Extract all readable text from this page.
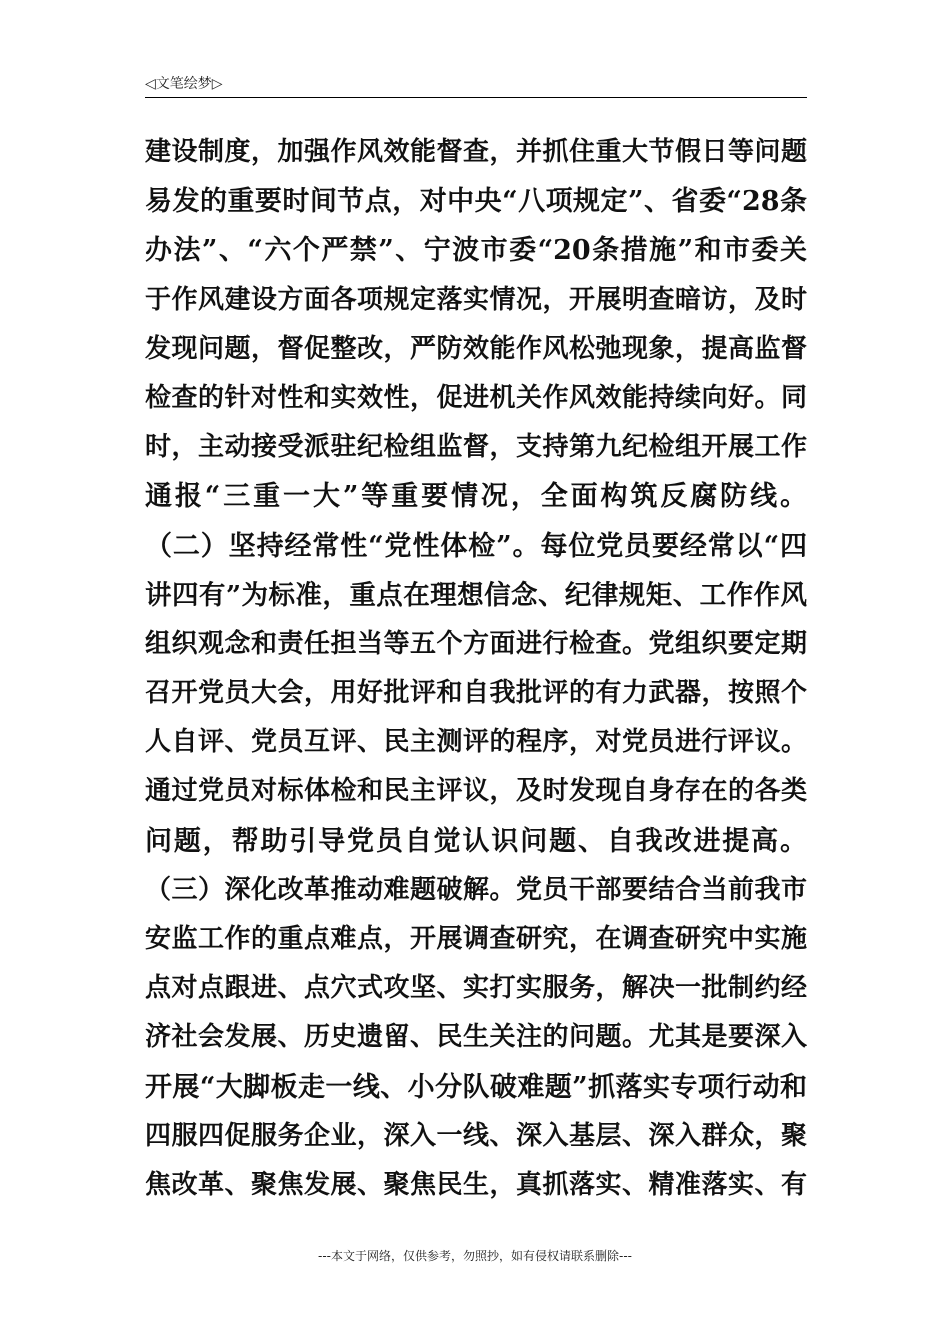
◁文笔绘梦▷
建设制度，加强作风效能督查，并抓住重大节假日等问题
易发的重要时间节点，对中央“八项规定”、省委“28条
办法”、“六个严禁”、宁波市委“20条措施”和市委关
于作风建设方面各项规定落实情况，开展明查暗访，及时
发现问题，督促整改，严防效能作风松弛现象，提高监督
检查的针对性和实效性，促进机关作风效能持续向好。同
时，主动接受派驻纪检组监督，支持第九纪检组开展工作
通报“三重一大”等重要情况，全面构筑反腐防线。
（二）坚持经常性“党性体检”。每位党员要经常以“四
讲四有”为标准，重点在理想信念、纪律规矩、工作作风
组织观念和责任担当等五个方面进行检查。党组织要定期
召开党员大会，用好批评和自我批评的有力武器，按照个
人自评、党员互评、民主测评的程序，对党员进行评议。
通过党员对标体检和民主评议，及时发现自身存在的各类
问题，帮助引导党员自觉认识问题、自我改进提高。
（三）深化改革推动难题破解。党员干部要结合当前我市
安监工作的重点难点，开展调查研究，在调查研究中实施
点对点跟进、点穴式攻坚、实打实服务，解决一批制约经
济社会发展、历史遗留、民生关注的问题。尤其是要深入
开展“大脚板走一线、小分队破难题”抓落实专项行动和
四服四促服务企业，深入一线、深入基层、深入群众，聚
焦改革、聚焦发展、聚焦民生，真抓落实、精准落实、有
---本文于网络，仅供参考，勿照抄，如有侵权请联系删除---
